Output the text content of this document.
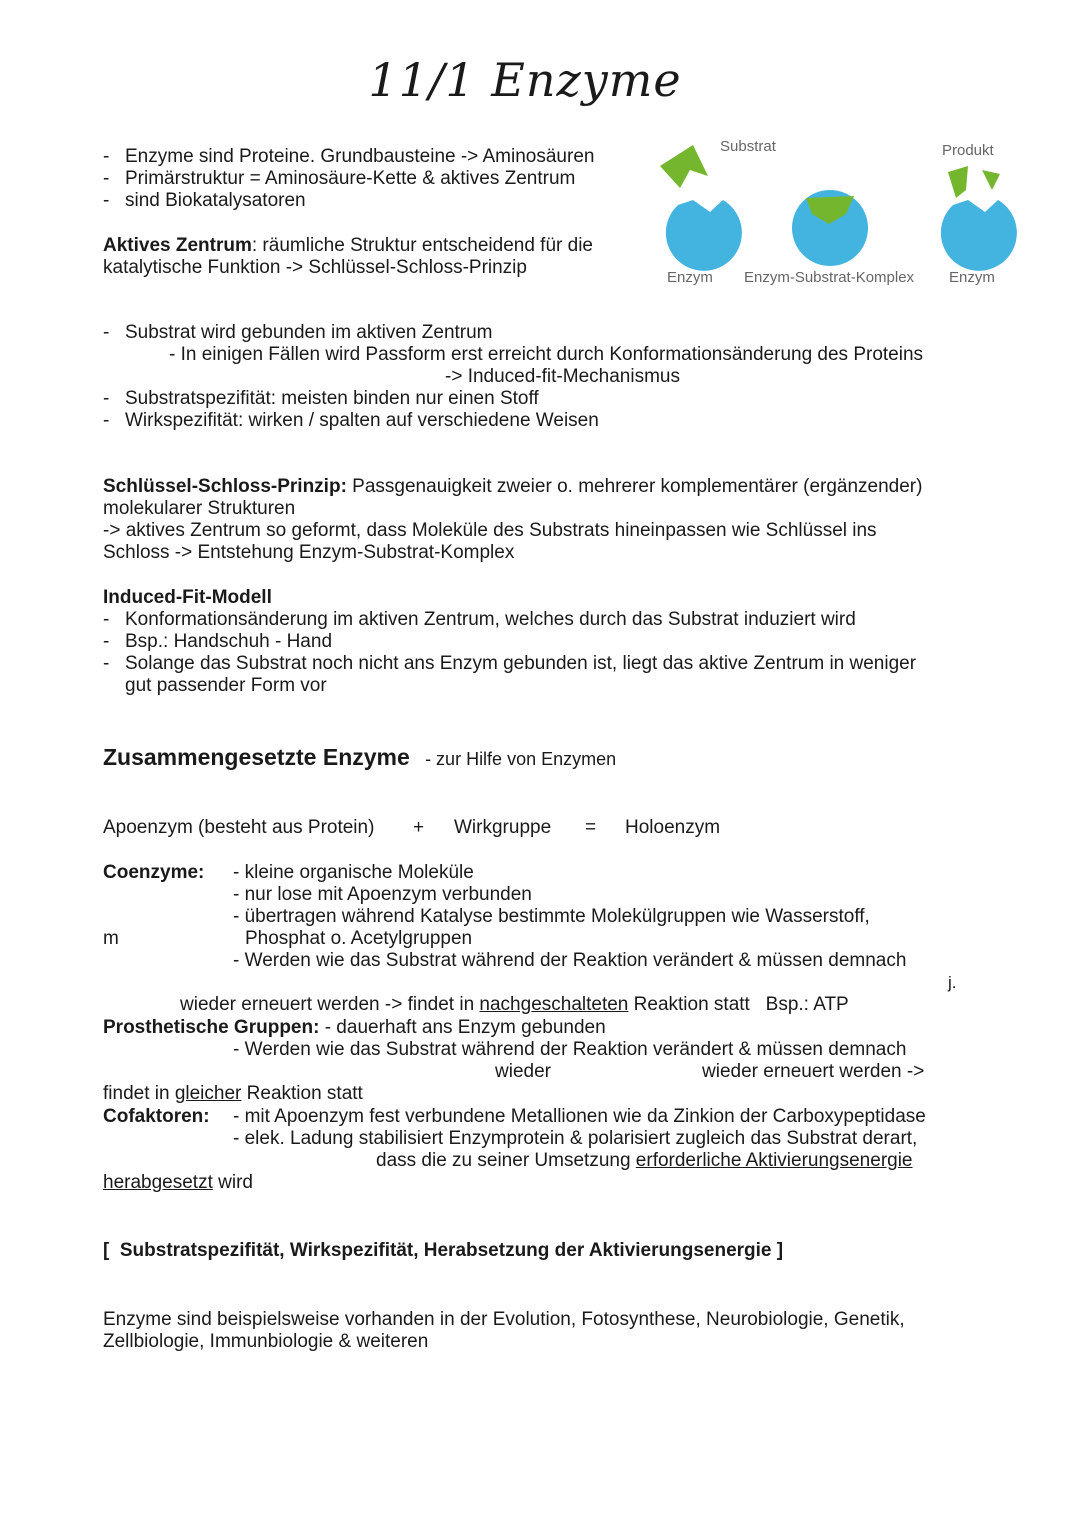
11/1 Enzyme
- Enzyme sind Proteine. Grundbausteine -> Aminosäuren
- Primärstruktur = Aminosäure-Kette & aktives Zentrum
- sind Biokatalysatoren
Aktives Zentrum: räumliche Struktur entscheidend für die
katalytische Funktion -> Schlüssel-Schloss-Prinzip
Substrat	Produkt
Enzym Enzym-Substrat-Komplex Enzym
- Substrat wird gebunden im aktiven Zentrum
- In einigen Fällen wird Passform erst erreicht durch Konformationsänderung des Proteins
-> Induced-fit-Mechanismus
- Substratspezifität: meisten binden nur einen Stoff
- Wirkspezifität: wirken / spalten auf verschiedene Weisen
Schlüssel-Schloss-Prinzip: Passgenauigkeit zweier o. mehrerer komplementärer (ergänzender)
molekularer Strukturen
-> aktives Zentrum so geformt, dass Moleküle des Substrats hineinpassen wie Schlüssel ins
Schloss -> Entstehung Enzym-Substrat-Komplex
Induced-Fit-Modell
- Konformationsänderung im aktiven Zentrum, welches durch das Substrat induziert wird
- Bsp.: Handschuh - Hand
- Solange das Substrat noch nicht ans Enzym gebunden ist, liegt das aktive Zentrum in weniger
gut passender Form vor
Zusammengesetzte Enzyme - zur Hilfe von Enzymen
Apoenzym (besteht aus Protein) + Wirkgruppe = Holoenzym
Coenzyme: - kleine organische Moleküle
- nur lose mit Apoenzym verbunden
- übertragen während Katalyse bestimmte Molekülgruppen wie Wasserstoff,
Phosphat o. Acetylgruppen
- Werden wie das Substrat während der Reaktion verändert & müssen demnach
m
j.
wieder erneuert werden -> findet in nachgeschalteten Reaktion statt   Bsp.: ATP
Prosthetische Gruppen: - dauerhaft ans Enzym gebunden
- Werden wie das Substrat während der Reaktion verändert & müssen demnach
wieder	wieder erneuert werden ->
findet in gleicher Reaktion statt
Cofaktoren: - mit Apoenzym fest verbundene Metallionen wie da Zinkion der Carboxypeptidase
- elek. Ladung stabilisiert Enzymprotein & polarisiert zugleich das Substrat derart,
dass die zu seiner Umsetzung erforderliche Aktivierungsenergie
herabgesetzt wird
[  Substratspezifität, Wirkspezifität, Herabsetzung der Aktivierungsenergie ]
Enzyme sind beispielsweise vorhanden in der Evolution, Fotosynthese, Neurobiologie, Genetik,
Zellbiologie, Immunbiologie & weiteren
